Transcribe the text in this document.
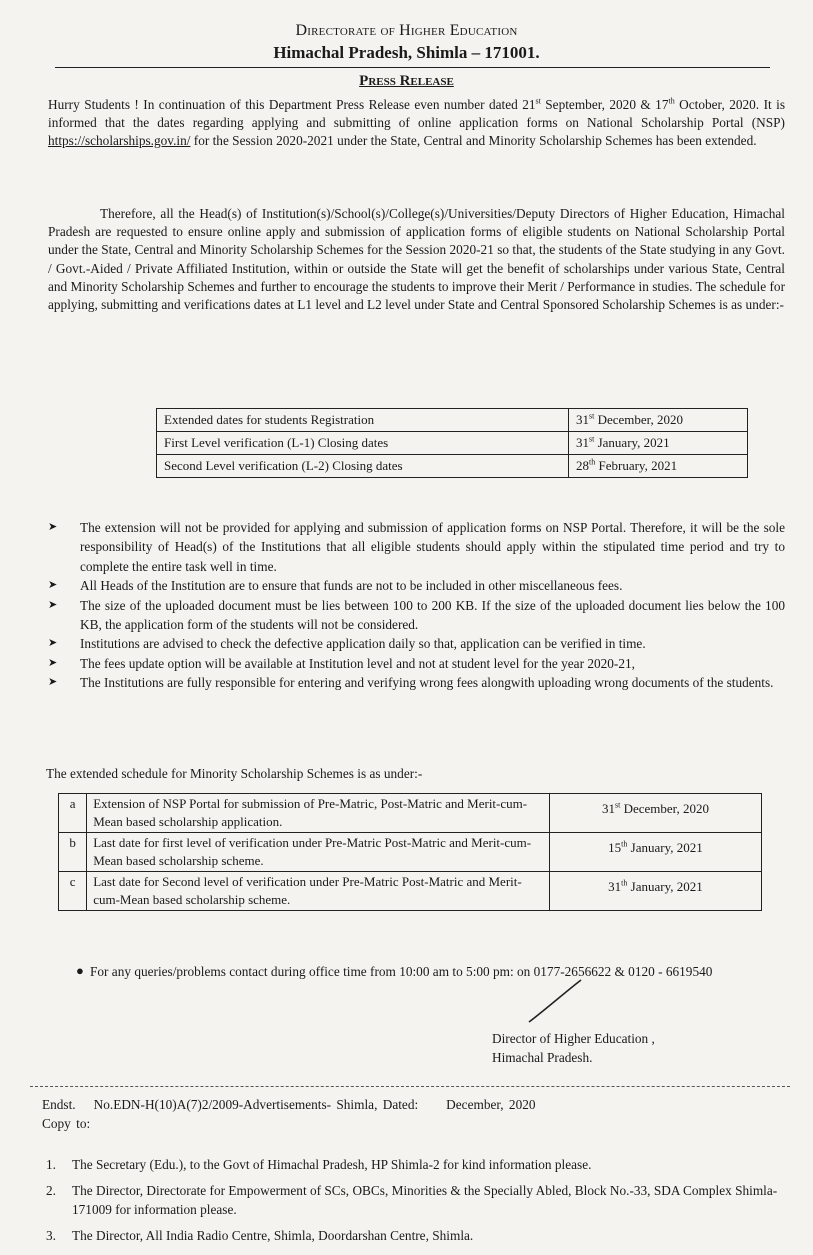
Directorate of Higher Education
Himachal Pradesh, Shimla – 171001.
Press Release

Hurry Students ! In continuation of this Department Press Release even number dated 21st September, 2020 & 17th October, 2020. It is informed that the dates regarding applying and submitting of online application forms on National Scholarship Portal (NSP) https://scholarships.gov.in/ for the Session 2020-2021 under the State, Central and Minority Scholarship Schemes has been extended.

Therefore, all the Head(s) of Institution(s)/School(s)/College(s)/Universities/Deputy Directors of Higher Education, Himachal Pradesh are requested to ensure online apply and submission of application forms of eligible students on National Scholarship Portal under the State, Central and Minority Scholarship Schemes for the Session 2020-21 so that, the students of the State studying in any Govt. / Govt.-Aided / Private Affiliated Institution, within or outside the State will get the benefit of scholarships under various State, Central and Minority Scholarship Schemes and further to encourage the students to improve their Merit / Performance in studies. The schedule for applying, submitting and verifications dates at L1 level and L2 level under State and Central Sponsored Scholarship Schemes is as under:-

Extended dates for students Registration	31st December, 2020
First Level verification (L-1) Closing dates	31st January, 2021
Second Level verification (L-2) Closing dates	28th February, 2021
➤ The extension will not be provided for applying and submission of application forms on NSP Portal. Therefore, it will be the sole responsibility of Head(s) of the Institutions that all eligible students should apply within the stipulated time period and try to complete the entire task well in time.
➤ All Heads of the Institution are to ensure that funds are not to be included in other miscellaneous fees.
➤ The size of the uploaded document must be lies between 100 to 200 KB. If the size of the uploaded document lies below the 100 KB, the application form of the students will not be considered.
➤ Institutions are advised to check the defective application daily so that, application can be verified in time.
➤ The fees update option will be available at Institution level and not at student level for the year 2020-21,
➤ The Institutions are fully responsible for entering and verifying wrong fees alongwith uploading wrong documents of the students.
The extended schedule for Minority Scholarship Schemes is as under:-
a	Extension of NSP Portal for submission of Pre-Matric, Post-Matric and Merit-cum-Mean based scholarship application.	31st December, 2020
b	Last date for first level of verification under Pre-Matric Post-Matric and Merit-cum-Mean based scholarship scheme.	15th January, 2021
c	Last date for Second level of verification under Pre-Matric Post-Matric and Merit-cum-Mean based scholarship scheme.	31th January, 2021
● For any queries/problems contact during office time from 10:00 am to 5:00 pm: on 0177-2656622 & 0120 - 6619540
Director of Higher Education ,
Himachal Pradesh.
Endst. No.EDN-H(10)A(7)2/2009-Advertisements- Shimla, Dated: December, 2020
Copy to:
1. The Secretary (Edu.), to the Govt of Himachal Pradesh, HP Shimla-2 for kind information please.
2. The Director, Directorate for Empowerment of SCs, OBCs, Minorities & the Specially Abled, Block No.-33, SDA Complex Shimla-171009 for information please.
3. The Director, All India Radio Centre, Shimla, Doordarshan Centre, Shimla.
